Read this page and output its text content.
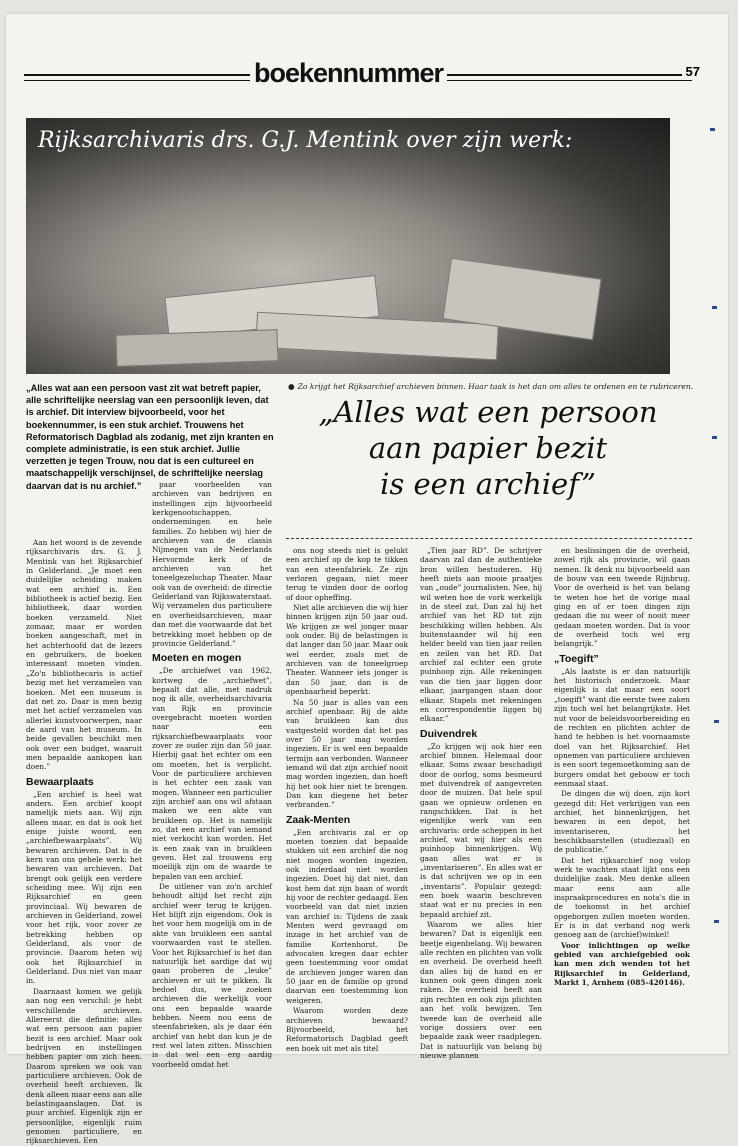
boekennummer	57
Rijksarchivaris drs. G.J. Mentink over zijn werk:
„Alles wat aan een persoon vast zit wat betreft papier, alle schriftelijke neerslag van een persoonlijk leven, dat is archief. Dit interview bijvoorbeeld, voor het boekennummer, is een stuk archief. Trouwens het Reformatorisch Dagblad als zodanig, met zijn kranten en complete administratie, is een stuk archief. Jullie verzetten je tegen Trouw, nou dat is een cultureel en maatschappelijk verschijnsel, de schriftelijke neerslag daarvan dat is nu archief.”
● Zo krijgt het Rijksarchief archieven binnen. Haar taak is het dan om alles te ordenen en te rubriceren.
„Alles wat een persoon
aan papier bezit
is een archief”

Aan het woord is de zevende rijksarchivaris drs. G. J. Mentink van het Rijksarchief in Gelderland. „Je moet een duidelijke scheiding maken wat een archief is. Een bibliotheek is actief bezig. Een bibliotheek, daar worden boeken verzameld. Niet zomaar, maar er worden boeken aangeschaft, met in het achterhoofd dat de lezers en gebruikers, de boeken interessant moeten vinden. „Zo'n bibliothecaris is actief bezig met het verzamelen van boeken. Met een museum is dat net zo. Daar is men bezig met het actief verzamelen van allerlei kunstvoorwerpen, naar de aard van het museum. In beide gevallen beschikt men ook over een budget, waaruit men bepaalde aankopen kan doen.”

Bewaarplaats

„Een archief is heel wat anders. Een archief koopt namelijk niets aan. Wij zijn alleen maar, en dat is ook het enige juiste woord, een „archiefbewaarplaats”. Wij bewaren archieven. Dat is de kern van ons gehele werk: het bewaren van archieven. Dat brengt ook gelijk een verdere scheiding mee. Wij zijn een Rijksarchief en geen provinciaal. Wij bewaren de archieven in Gelderland, zowel voor het rijk, voor zover ze betrekking hebben op Gelderland, als voor de provincie. Daarom heten wij ook het Rijksarchief in Gelderland. Dus niet van maar in.

Daarnaast komen we gelijk aan nog een verschil: je hebt verschillende archieven. Allereerst die definitie: alles wat een persoon aan papier bezit is een archief. Maar ook bedrijven en instellingen hebben papier om zich heen. Daarom spreken we ook van particuliere archieven. Ook de overheid heeft archieven. Ik denk alleen maar eens aan alle belastingaanslagen. Dat is puur archief. Eigenlijk zijn er persoonlijke, eigenlijk ruim genomen particuliere, en rijksarchieven. Een

paar voorbeelden van archieven van bedrijven en instellingen zijn bijvoorbeeld kerkgenootschappen, ondernemingen en hele families. Zo hebben wij hier de archieven van de classis Nijmegen van de Nederlands Hervormde kerk of de archieven van het toneelgezelschap Theater. Maar ook van de overheid: de directie Gelderland van Rijkswaterstaat. Wij verzamelen dus particuliere en overheidsarchieven, maar dan met die voorwaarde dat het betrekking moet hebben op de provincie Gelderland.”

Moeten en mogen

„De archiefwet van 1962, kortweg de „archiefwet”, bepaalt dat alle, met nadruk nog ik alle, overheidsarchivaria van Rijk en provincie overgebracht moeten worden naar een rijksarchiefbewaarplaats voor zover ze ouder zijn dan 50 jaar. Hierbij gaat het echter om een om moeten, het is verplicht. Voor de particuliere archieven is het echter een zaak van mogen. Wanneer een particulier zijn archief aan ons wil afstaan maken we een akte van bruikleen op. Het is namelijk zo, dat een archief van iemand niet verkocht kan worden. Het is een zaak van in bruikleen geven. Het zal trouwens erg moeilijk zijn om de waarde te bepalen van een archief.

De uitlener van zo'n archief behoudt altijd het recht zijn archief weer terug te krijgen. Het blijft zijn eigendom. Ook is het voor hem mogelijk om in de akte van bruikleen een aantal voorwaarden vast te stellen. Voor het Rijksarchief is het dan natuurlijk het aardige dat wij gaan proberen de „leuke” archieven er uit te pikken. Ik bedoel dus, we zoeken archieven die werkelijk voor ons een bepaalde waarde hebben. Neem nou eens de steenfabrieken, als je daar één archief van hebt dan kun je de rest wel laten zitten. Misschien is dat wel een erg aardig voorbeeld omdat het

ons nog steeds niet is gelukt een archief op de kop te tikken van een steenfabriek. Ze zijn verloren gegaan, niet meer terug te vinden door de oorlog of door opheffing.

Niet alle archieven die wij hier binnen krijgen zijn 50 jaar oud. We krijgen ze wel jonger maar ook ouder. Bij de belastingen is dat langer dan 50 jaar. Maar ook wel eerder, zoals met de archieven van de toneelgroep Theater. Wanneer iets jonger is dan 50 jaar, dan is de openbaarheid beperkt.

Na 50 jaar is alles van een archief openbaar. Bij de akte van bruikleen kan dus vastgesteld worden dat het pas over 50 jaar mag worden ingezien. Er is wel een bepaalde termijn aan verbonden. Wanneer iemand wil dat zijn archief nooit mag worden ingezien, dan hoeft hij het ook hier niet te brengen. Dan kan diegene het beter verbranden.”

Zaak-Menten

„Een archivaris zal er op moeten toezien dat bepaalde stukken uit een archief die nog niet mogen worden ingezien, ook inderdaad niet worden ingezien. Doet hij dat niet, dan kost hem dat zijn baan of wordt hij voor de rechter gedaagd. Een voorbeeld van dat niet inzien van archief is: Tijdens de zaak Menten werd gevraagd om inzage in het archief van de familie Kortenhorst. De advocaten kregen daar echter geen toestemming voor omdat de archieven jonger waren dan 50 jaar en de familie op grond daarvan een toestemming kon weigeren.

Waarom worden deze archieven bewaard? Bijvoorbeeld, het Reformatorisch Dagblad geeft een boek uit met als titel

„Tien jaar RD”. De schrijver daarvan zal dan de authentieke bron willen bestuderen. Hij heeft niets aan mooie praatjes van „oude” journalisten. Nee, hij wil weten hoe de vork werkelijk in de steel zat. Dan zal hij het archief van het RD tot zijn beschikking willen hebben. Als buitenstaander wil hij een helder beeld van tien jaar reilen en zeilen van het RD. Dat archief zal echter een grote puinhoop zijn. Alle rekeningen van die tien jaar liggen door elkaar, jaargangen staan door elkaar. Stapels met rekeningen en correspondentie liggen bij elkaar.”

Duivendrek

„Zo krijgen wij ook hier een archief binnen. Helemaal door elkaar. Soms zwaar beschadigd door de oorlog, soms besmeurd met duivendrek of aangevreten door de muizen. Dat hele spul gaan we opnieuw ordenen en rangschikken. Dat is het eigenlijke werk van een archivaris: orde scheppen in het archief, wat wij hier als een puinhoop binnenkrijgen. Wij gaan alles wat er is „inventariseren”. En alles wat er is dat schrijven we op in een „inventaris”. Populair gezegd: een boek waarin beschreven staat wat er nu precies in een bepaald archief zit.

Waarom we alles hier bewaren? Dat is eigenlijk een beetje eigenbelang. Wij bewaren alle rechten en plichten van volk en overheid. De overheid heeft dan alles bij de hand en er kunnen ook geen dingen zoek raken. De overheid heeft aan zijn rechten en ook zijn plichten aan het volk bewijzen. Ten tweede kan de overheid alle vorige dossiers over een bepaalde zaak weer raadplegen. Dat is natuurlijk van belang bij nieuwe plannen

en beslissingen die de overheid, zowel rijk als provincie, wil gaan nemen. Ik denk nu bijvoorbeeld aan de bouw van een tweede Rijnbrug. Voor de overheid is het van belang te weten hoe het de vorige maal ging en of er toen dingen zijn gedaan die nu weer of nooit meer gedaan moeten worden. Dat is voor de overheid toch wel erg belangrijk.”

„Toegift”

„Als laatste is er dan natuurlijk het historisch onderzoek. Maar eigenlijk is dat maar een soort „toegift” want die eerste twee zaken zijn toch wel het belangrijkste. Het nut voor de beleidsvoorbereiding en de rechten en plichten achter de hand te hebben is het voornaamste doel van het Rijksarchief. Het opnemen van particuliere archieven is een soort tegemoetkoming aan de burgers omdat het gebouw er toch eenmaal staat.

De dingen die wij doen, zijn kort gezegd dit: Het verkrijgen van een archief, het binnenkrijgen, het bewaren in een depot, het inventariseren, het beschikbaarstellen (studiezaal) en de publicatie.”

Dat het rijksarchief nog volop werk te wachten staat lijkt ons een duidelijke zaak. Men denke alleen maar eens aan alle inspraakprocedures en nota's die in de toekomst in het archief opgeborgen zullen moeten worden. Er is in dat verband nog werk genoeg aan de (archief)winkel!

Voor inlichtingen op welke gebied van archiefgebied ook kan men zich wenden tot het Rijksarchief in Gelderland, Markt 1, Arnhem (085-420146).
